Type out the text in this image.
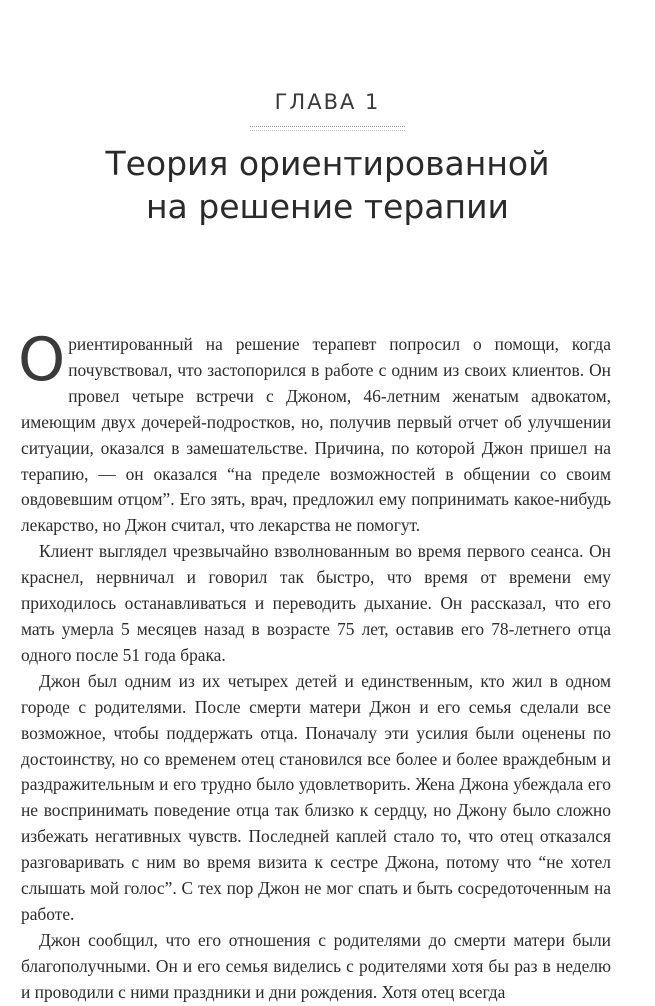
ГЛАВА 1
Теория ориентированной
на решение терапии

Ориентированный на решение терапевт попросил о помощи, когда почувствовал, что застопорился в работе с одним из своих клиентов. Он провел четыре встречи с Джоном, 46-летним женатым адвокатом, имеющим двух дочерей-подростков, но, получив первый отчет об улучшении ситуации, оказался в замешательстве. Причина, по которой Джон пришел на терапию, — он оказался “на пределе возможностей в общении со своим овдовевшим отцом”. Его зять, врач, предложил ему попринимать какое-нибудь лекарство, но Джон считал, что лекарства не помогут.

Клиент выглядел чрезвычайно взволнованным во время первого сеанса. Он краснел, нервничал и говорил так быстро, что время от времени ему приходилось останавливаться и переводить дыхание. Он рассказал, что его мать умерла 5 месяцев назад в возрасте 75 лет, оставив его 78-летнего отца одного после 51 года брака.

Джон был одним из их четырех детей и единственным, кто жил в одном городе с родителями. После смерти матери Джон и его семья сделали все возможное, чтобы поддержать отца. Поначалу эти усилия были оценены по достоинству, но со временем отец становился все более и более враждебным и раздражительным и его трудно было удовлетворить. Жена Джона убеждала его не воспринимать поведение отца так близко к сердцу, но Джону было сложно избежать негативных чувств. Последней каплей стало то, что отец отказался разговаривать с ним во время визита к сестре Джона, потому что “не хотел слышать мой голос”. С тех пор Джон не мог спать и быть сосредоточенным на работе.

Джон сообщил, что его отношения с родителями до смерти матери были благополучными. Он и его семья виделись с родителями хотя бы раз в неделю и проводили с ними праздники и дни рождения. Хотя отец всегда
